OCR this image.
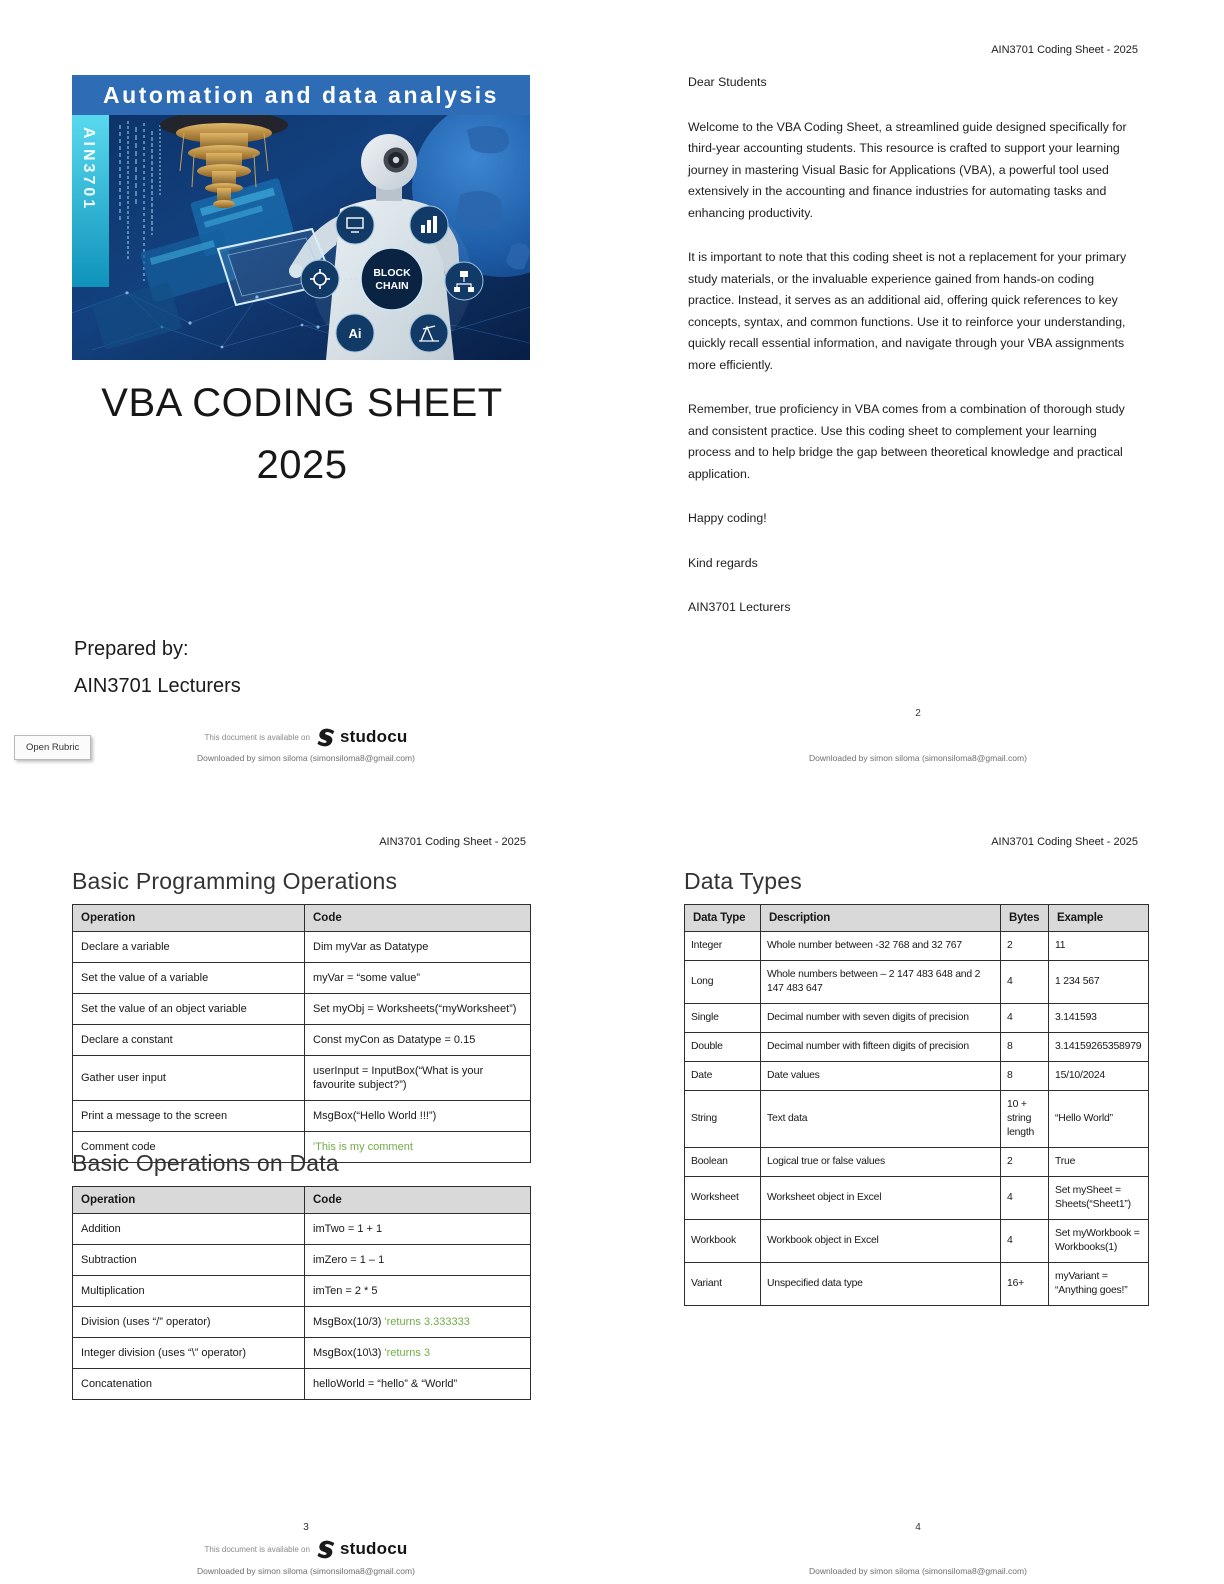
BLOCK
CHAIN
Ai
Automation and data analysis
AIN3701
VBA CODING SHEET
2025
Prepared by:
AIN3701 Lecturers
Open Rubric
This document is available on studocu
Downloaded by simon siloma (simonsiloma8@gmail.com)
AIN3701 Coding Sheet - 2025

Dear Students

Welcome to the VBA Coding Sheet, a streamlined guide designed specifically for third-year accounting students. This resource is crafted to support your learning journey in mastering Visual Basic for Applications (VBA), a powerful tool used extensively in the accounting and finance industries for automating tasks and enhancing productivity.

It is important to note that this coding sheet is not a replacement for your primary study materials, or the invaluable experience gained from hands-on coding practice. Instead, it serves as an additional aid, offering quick references to key concepts, syntax, and common functions. Use it to reinforce your understanding, quickly recall essential information, and navigate through your VBA assignments more efficiently.

Remember, true proficiency in VBA comes from a combination of thorough study and consistent practice. Use this coding sheet to complement your learning process and to help bridge the gap between theoretical knowledge and practical application.

Happy coding!

Kind regards

AIN3701 Lecturers

2
Downloaded by simon siloma (simonsiloma8@gmail.com)
AIN3701 Coding Sheet - 2025
Basic Programming Operations
Operation	Code
Declare a variable	Dim myVar as Datatype
Set the value of a variable	myVar = “some value”
Set the value of an object variable	Set myObj = Worksheets(“myWorksheet”)
Declare a constant	Const myCon as Datatype = 0.15
Gather user input	userInput = InputBox(“What is your favourite subject?”)
Print a message to the screen	MsgBox(“Hello World !!!”)
Comment code	'This is my comment
Basic Operations on Data
Operation	Code
Addition	imTwo = 1 + 1
Subtraction	imZero = 1 – 1
Multiplication	imTen = 2 * 5
Division (uses “/” operator)	MsgBox(10/3) 'returns 3.333333
Integer division (uses “\” operator)	MsgBox(10\3) 'returns 3
Concatenation	helloWorld = “hello” & “World”
3
This document is available on studocu
Downloaded by simon siloma (simonsiloma8@gmail.com)
AIN3701 Coding Sheet - 2025
Data Types
Data Type	Description	Bytes	Example
Integer	Whole number between -32 768 and 32 767	2	11
Long	Whole numbers between – 2 147 483 648 and 2 147 483 647	4	1 234 567
Single	Decimal number with seven digits of precision	4	3.141593
Double	Decimal number with fifteen digits of precision	8	3.14159265358979
Date	Date values	8	15/10/2024
String	Text data	10 + string length	“Hello World”
Boolean	Logical true or false values	2	True
Worksheet	Worksheet object in Excel	4	Set mySheet = Sheets(“Sheet1”)
Workbook	Workbook object in Excel	4	Set myWorkbook = Workbooks(1)
Variant	Unspecified data type	16+	myVariant = “Anything goes!”
4
Downloaded by simon siloma (simonsiloma8@gmail.com)
